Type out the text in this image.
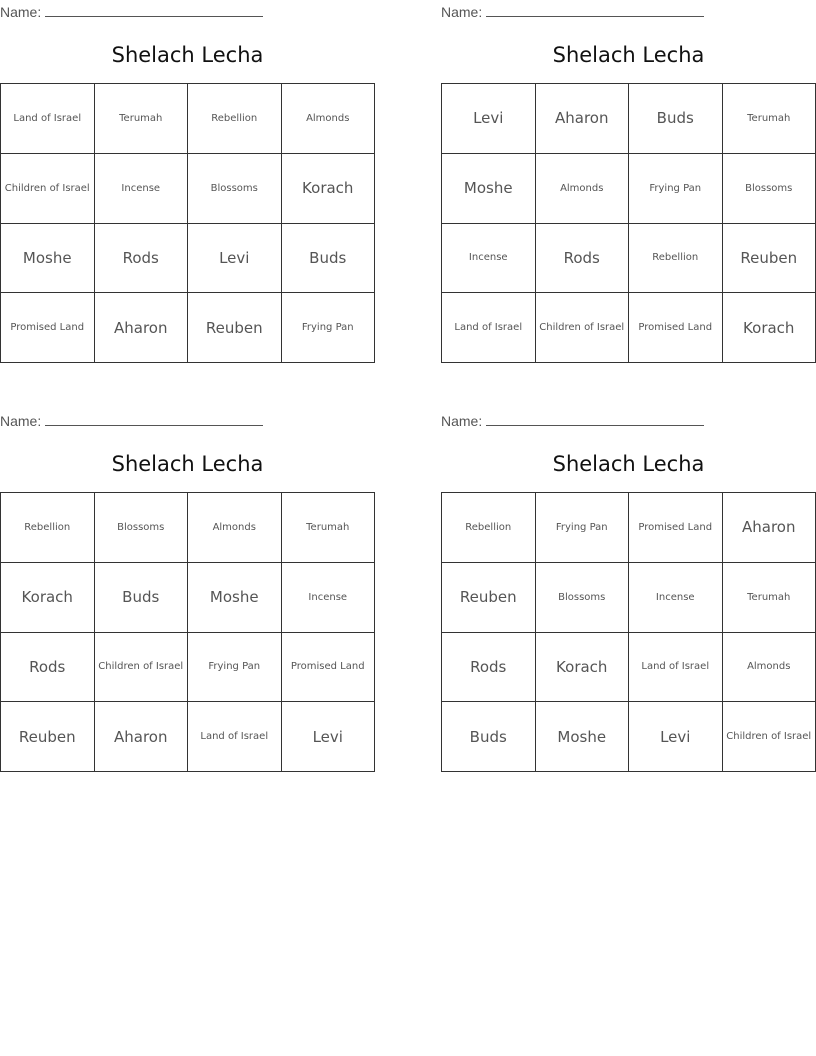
Name:
Shelach Lecha
Land of Israel	Terumah	Rebellion	Almonds
Children of Israel	Incense	Blossoms	Korach
Moshe	Rods	Levi	Buds
Promised Land	Aharon	Reuben	Frying Pan
Name:
Shelach Lecha
Levi	Aharon	Buds	Terumah
Moshe	Almonds	Frying Pan	Blossoms
Incense	Rods	Rebellion	Reuben
Land of Israel	Children of Israel	Promised Land	Korach
Name:
Shelach Lecha
Rebellion	Blossoms	Almonds	Terumah
Korach	Buds	Moshe	Incense
Rods	Children of Israel	Frying Pan	Promised Land
Reuben	Aharon	Land of Israel	Levi
Name:
Shelach Lecha
Rebellion	Frying Pan	Promised Land	Aharon
Reuben	Blossoms	Incense	Terumah
Rods	Korach	Land of Israel	Almonds
Buds	Moshe	Levi	Children of Israel
